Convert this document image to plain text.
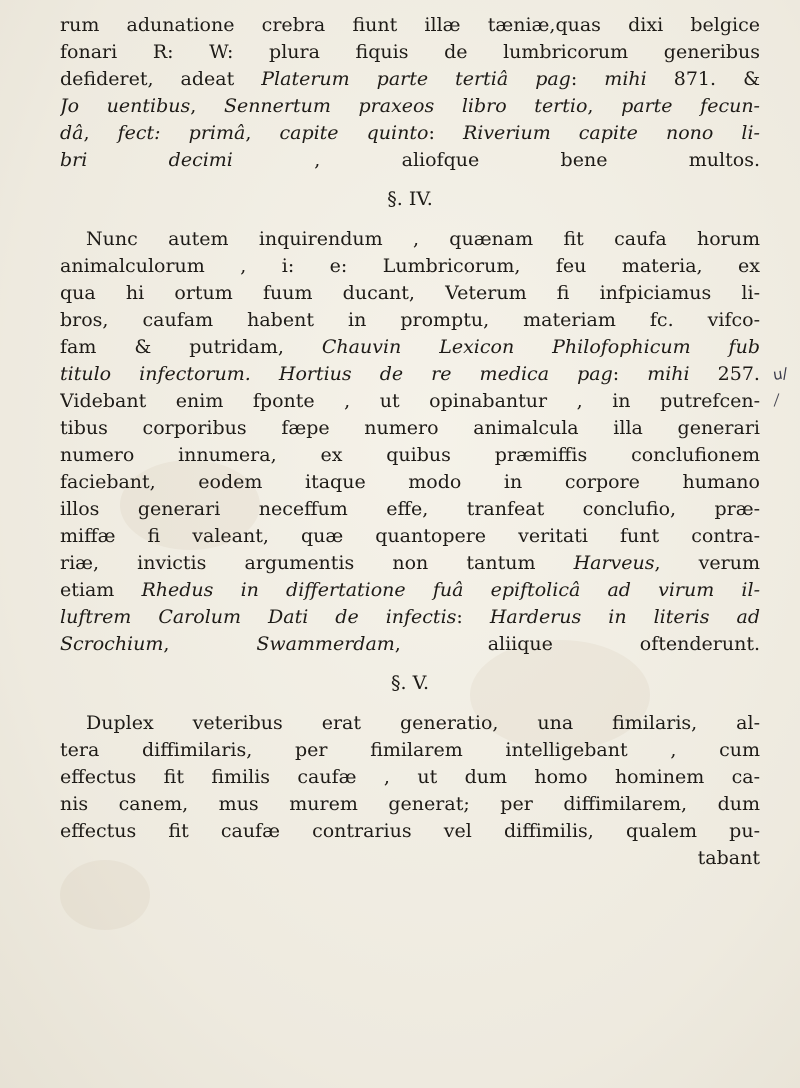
rum adunatione crebra fiunt illæ tæniæ,quas dixi belgice
fonari R: W: plura fiquis de lumbricorum generibus
defideret, adeat Platerum parte tertiâ pag: mihi 871. &
Jo uentibus, Sennertum praxeos libro tertio, parte fecun-
dâ, fect: primâ, capite quinto: Riverium capite nono li-
bri decimi , aliofque bene multos.
§. IV.
Nunc autem inquirendum , quænam fit caufa horum
animalculorum , i: e: Lumbricorum, feu materia, ex
qua hi ortum fuum ducant, Veterum fi infpiciamus li-
bros, caufam habent in promptu, materiam fc. vifco-
fam & putridam, Chauvin Lexicon Philofophicum fub
titulo infectorum. Hortius de re medica pag: mihi 257.
Videbant enim fponte , ut opinabantur , in putrefcen-
tibus corporibus fæpe numero animalcula illa generari
numero innumera, ex quibus præmiffis conclufionem
faciebant, eodem itaque modo in corpore humano
illos generari neceffum effe, tranfeat conclufio, præ-
miffæ fi valeant, quæ quantopere veritati funt contra-
riæ, invictis argumentis non tantum Harveus, verum
etiam Rhedus in differtatione fuâ epiftolicâ ad virum il-
luftrem Carolum Dati de infectis: Harderus in literis ad
Scrochium, Swammerdam, aliique oftenderunt.
§. V.
Duplex veteribus erat generatio, una fimilaris, al-
tera diffimilaris, per fimilarem intelligebant , cum
effectus fit fimilis caufæ , ut dum homo hominem ca-
nis canem, mus murem generat; per diffimilarem, dum
effectus fit caufæ contrarius vel diffimilis, qualem pu-
tabant
u/
